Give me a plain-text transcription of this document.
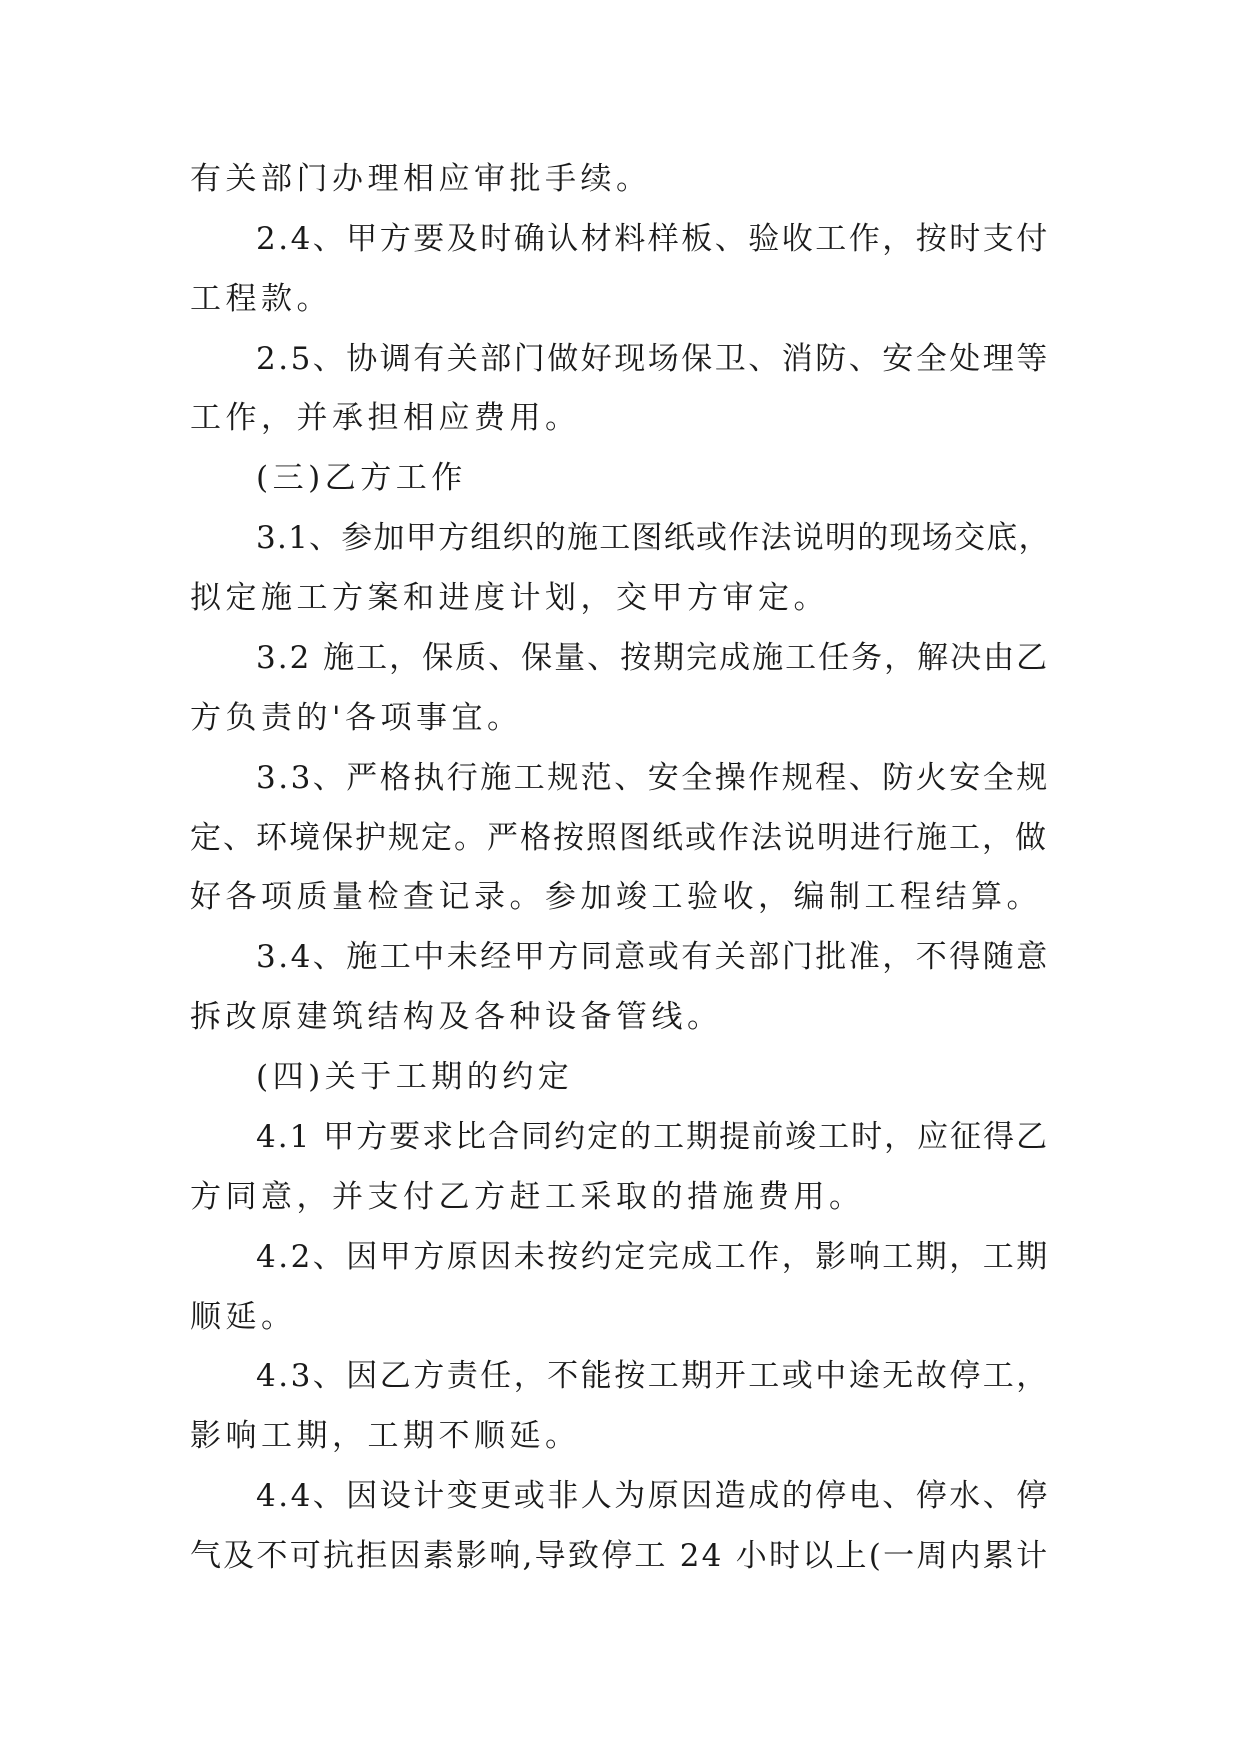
有关部门办理相应审批手续。
2.4、甲方要及时确认材料样板、验收工作，按时支付
工程款。
2.5、协调有关部门做好现场保卫、消防、安全处理等
工作，并承担相应费用。
(三)乙方工作
3.1、参加甲方组织的施工图纸或作法说明的现场交底，
拟定施工方案和进度计划，交甲方审定。
3.2 施工，保质、保量、按期完成施工任务，解决由乙
方负责的'各项事宜。
3.3、严格执行施工规范、安全操作规程、防火安全规
定、环境保护规定。严格按照图纸或作法说明进行施工，做
好各项质量检查记录。参加竣工验收，编制工程结算。
3.4、施工中未经甲方同意或有关部门批准，不得随意
拆改原建筑结构及各种设备管线。
(四)关于工期的约定
4.1 甲方要求比合同约定的工期提前竣工时，应征得乙
方同意，并支付乙方赶工采取的措施费用。
4.2、因甲方原因未按约定完成工作，影响工期，工期
顺延。
4.3、因乙方责任，不能按工期开工或中途无故停工，
影响工期，工期不顺延。
4.4、因设计变更或非人为原因造成的停电、停水、停
气及不可抗拒因素影响,导致停工 24 小时以上(一周内累计
